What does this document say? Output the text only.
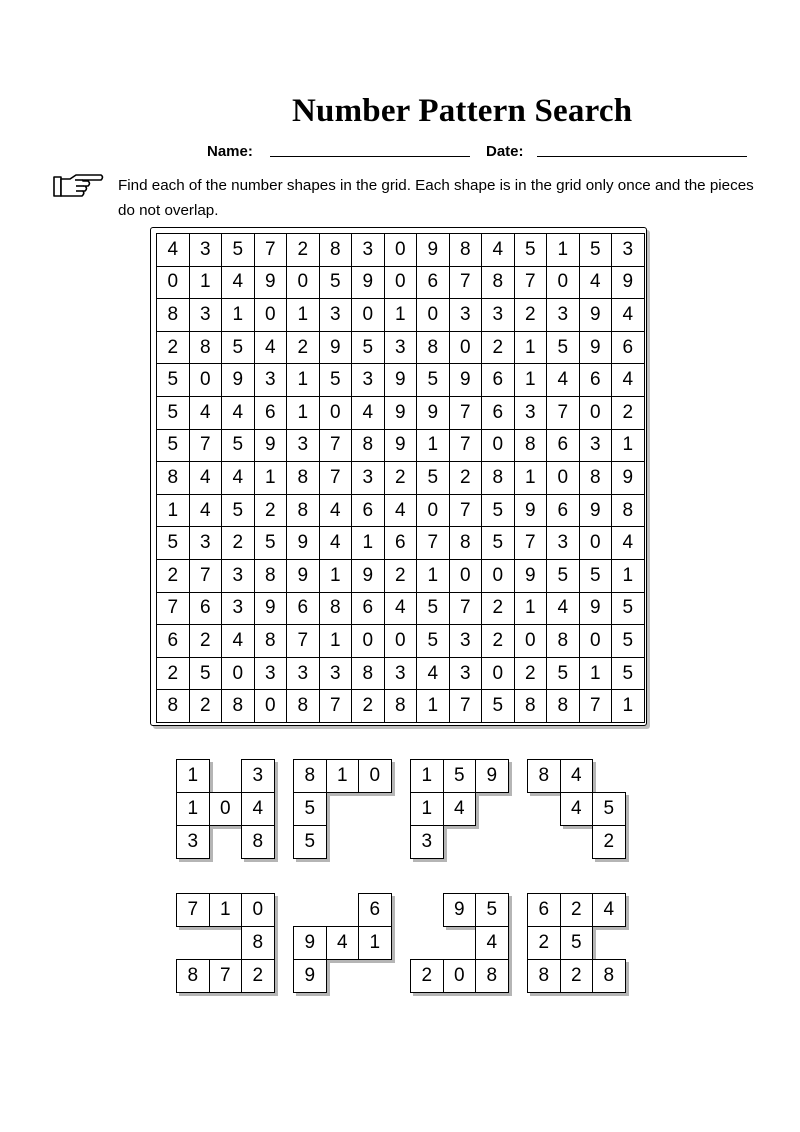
Number Pattern Search
Name:	Date:
Find each of the number shapes in the grid. Each shape is in the grid only once and the pieces do not overlap.
4	3	5	7	2	8	3	0	9	8	4	5	1	5	3
0	1	4	9	0	5	9	0	6	7	8	7	0	4	9
8	3	1	0	1	3	0	1	0	3	3	2	3	9	4
2	8	5	4	2	9	5	3	8	0	2	1	5	9	6
5	0	9	3	1	5	3	9	5	9	6	1	4	6	4
5	4	4	6	1	0	4	9	9	7	6	3	7	0	2
5	7	5	9	3	7	8	9	1	7	0	8	6	3	1
8	4	4	1	8	7	3	2	5	2	8	1	0	8	9
1	4	5	2	8	4	6	4	0	7	5	9	6	9	8
5	3	2	5	9	4	1	6	7	8	5	7	3	0	4
2	7	3	8	9	1	9	2	1	0	0	9	5	5	1
7	6	3	9	6	8	6	4	5	7	2	1	4	9	5
6	2	4	8	7	1	0	0	5	3	2	0	8	0	5
2	5	0	3	3	3	8	3	4	3	0	2	5	1	5
8	2	8	0	8	7	2	8	1	7	5	8	8	7	1
1	3
1	0	4
3	8
8	1	0
5
5
1	5	9
1	4
3
8	4
4	5
2
7	1	0
8
8	7	2
6
9	4	1
9
9	5
4
2	0	8
6	2	4
2	5
8	2	8
